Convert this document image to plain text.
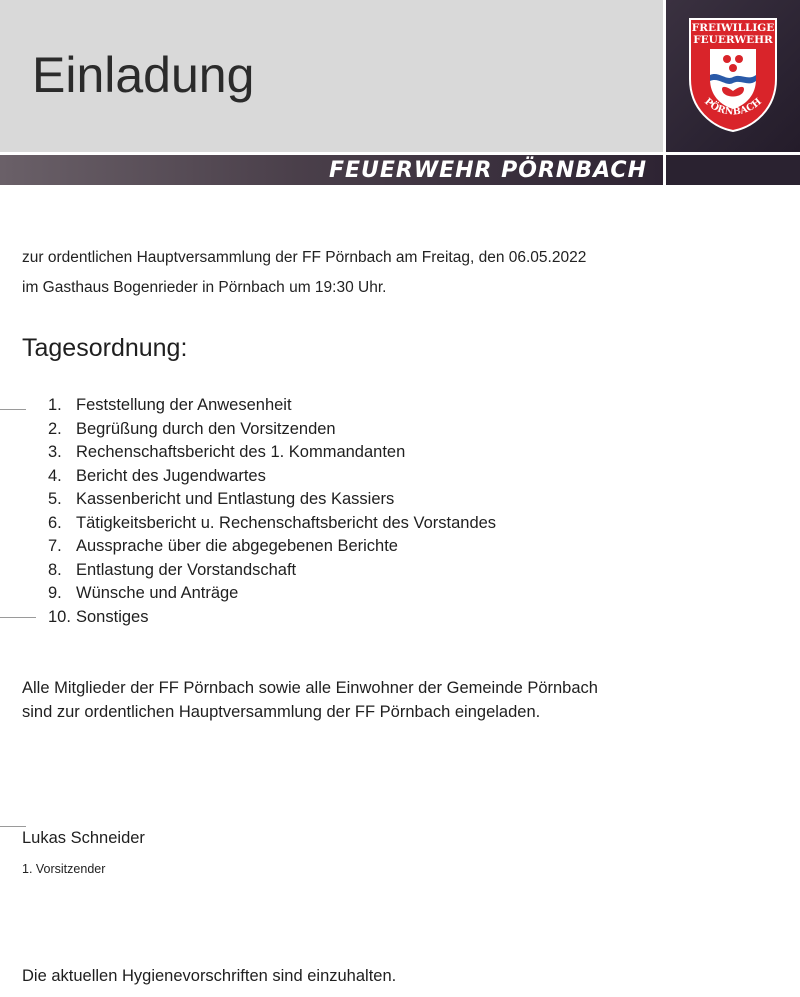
Einladung
FEUERWEHR PÖRNBACH
FREIWILLIGE
FEUERWEHR
PÖRNBACH
zur ordentlichen Hauptversammlung der FF Pörnbach am Freitag, den 06.05.2022
im Gasthaus Bogenrieder in Pörnbach um 19:30 Uhr.
Tagesordnung:
1. Feststellung der Anwesenheit
2. Begrüßung durch den Vorsitzenden
3. Rechenschaftsbericht des 1. Kommandanten
4. Bericht des Jugendwartes
5. Kassenbericht und Entlastung des Kassiers
6. Tätigkeitsbericht u. Rechenschaftsbericht des Vorstandes
7. Aussprache über die abgegebenen Berichte
8. Entlastung der Vorstandschaft
9. Wünsche und Anträge
10. Sonstiges
Alle Mitglieder der FF Pörnbach sowie alle Einwohner der Gemeinde Pörnbach
sind zur ordentlichen Hauptversammlung der FF Pörnbach eingeladen.
Lukas Schneider
1. Vorsitzender
Die aktuellen Hygienevorschriften sind einzuhalten.
